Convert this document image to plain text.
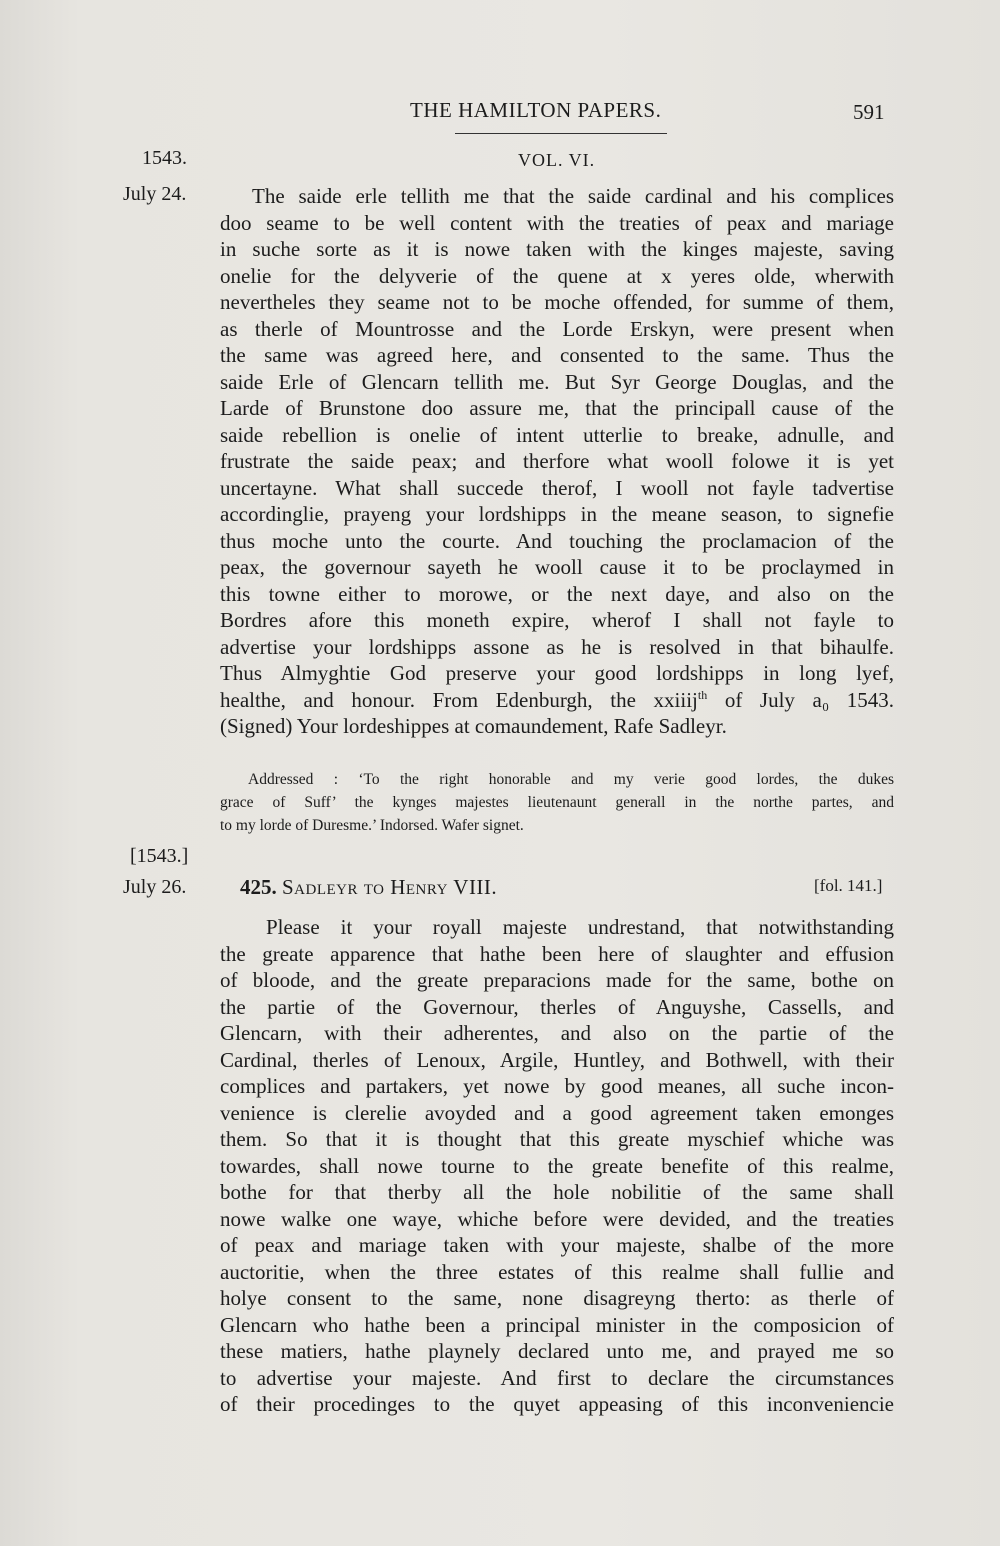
THE HAMILTON PAPERS.	591
VOL. VI.
1543.
July 24.	The saide erle tellith me that the saide cardinal and his complices
doo seame to be well content with the treaties of peax and mariage
in suche sorte as it is nowe taken with the kinges majeste, saving
onelie for the delyverie of the quene at x yeres olde, wherwith
nevertheles they seame not to be moche offended, for summe of them,
as therle of Mountrosse and the Lorde Erskyn, were present when
the same was agreed here, and consented to the same. Thus the
saide Erle of Glencarn tellith me. But Syr George Douglas, and the
Larde of Brunstone doo assure me, that the principall cause of the
saide rebellion is onelie of intent utterlie to breake, adnulle, and
frustrate the saide peax; and therfore what wooll folowe it is yet
uncertayne. What shall succede therof, I wooll not fayle tadvertise
accordinglie, prayeng your lordshipps in the meane season, to signefie
thus moche unto the courte. And touching the proclamacion of the
peax, the governour sayeth he wooll cause it to be proclaymed in
this towne either to morowe, or the next daye, and also on the
Bordres afore this moneth expire, wherof I shall not fayle to
advertise your lordshipps assone as he is resolved in that bihaulfe.
Thus Almyghtie God preserve your good lordshipps in long lyef,
healthe, and honour. From Edenburgh, the xxiiij$^{th}$ of July a₀ 1543.
(Signed) Your lordeshippes at comaundement, Rafe Sadleyr.
Addressed : ‘To the right honorable and my verie good lordes, the dukes
grace of Suff’ the kynges majestes lieutenaunt generall in the northe partes, and
to my lorde of Duresme.’ Indorsed. Wafer signet.
[1543.]
July 26.	425. Sadleyr to Henry VIII.	[fol. 141.]
Please it your royall majeste undrestand, that notwithstanding
the greate apparence that hathe been here of slaughter and effusion
of bloode, and the greate preparacions made for the same, bothe on
the partie of the Governour, therles of Anguyshe, Cassells, and
Glencarn, with their adherentes, and also on the partie of the
Cardinal, therles of Lenoux, Argile, Huntley, and Bothwell, with their
complices and partakers, yet nowe by good meanes, all suche incon-
venience is clerelie avoyded and a good agreement taken emonges
them. So that it is thought that this greate myschief whiche was
towardes, shall nowe tourne to the greate benefite of this realme,
bothe for that therby all the hole nobilitie of the same shall
nowe walke one waye, whiche before were devided, and the treaties
of peax and mariage taken with your majeste, shalbe of the more
auctoritie, when the three estates of this realme shall fullie and
holye consent to the same, none disagreyng therto: as therle of
Glencarn who hathe been a principal minister in the composicion of
these matiers, hathe playnely declared unto me, and prayed me so
to advertise your majeste. And first to declare the circumstances
of their procedinges to the quyet appeasing of this inconveniencie
